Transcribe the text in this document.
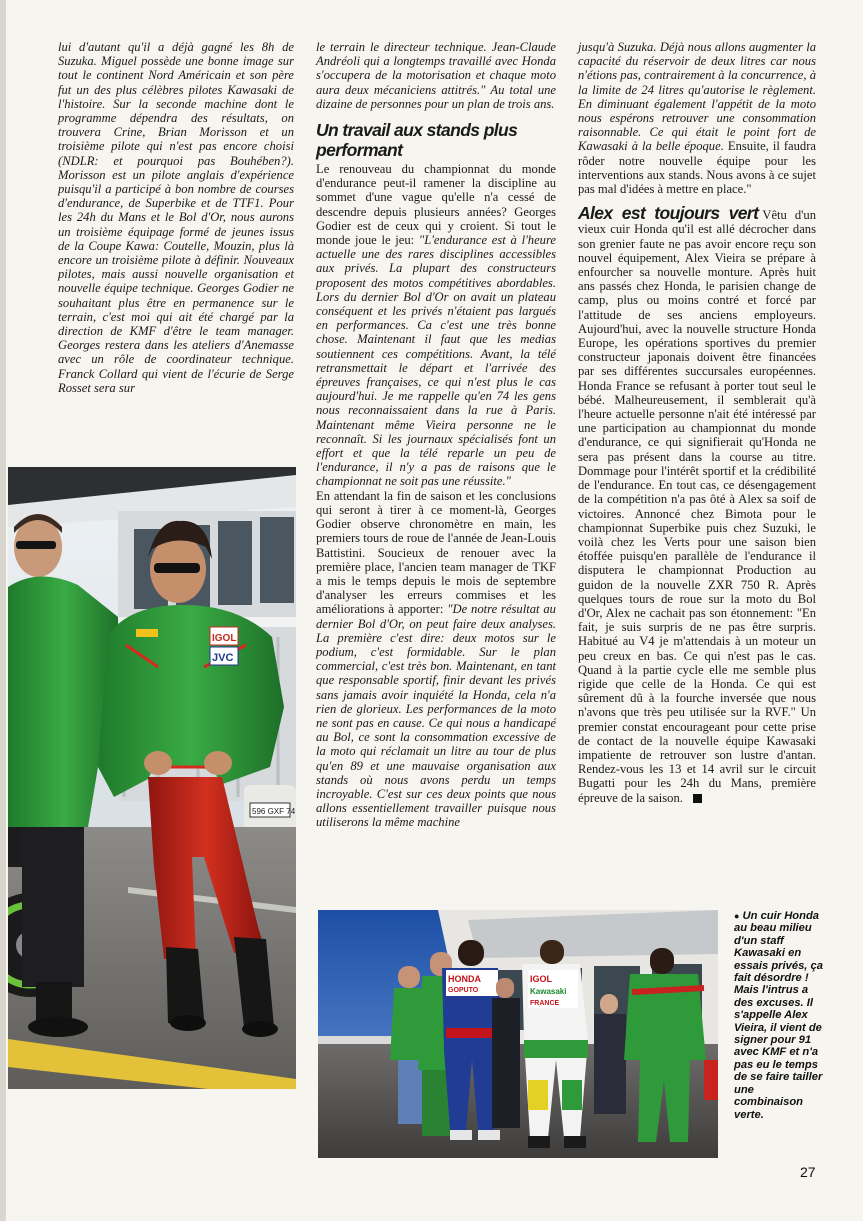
lui d'autant qu'il a déjà gagné les 8h de Suzuka. Miguel possède une bonne image sur tout le continent Nord Américain et son père fut un des plus célèbres pilotes Kawasaki de l'histoire. Sur la seconde machine dont le programme dépendra des résultats, on trouvera Crine, Brian Morisson et un troisième pilote qui n'est pas encore choisi (NDLR: et pourquoi pas Bouhében?). Morisson est un pilote anglais d'expérience puisqu'il a participé à bon nombre de courses d'endurance, de Superbike et de TTF1. Pour les 24h du Mans et le Bol d'Or, nous aurons un troisième équipage formé de jeunes issus de la Coupe Kawa: Coutelle, Mouzin, plus là encore un troisième pilote à définir. Nouveaux pilotes, mais aussi nouvelle organisation et nouvelle équipe technique. Georges Godier ne souhaitant plus être en permanence sur le terrain, c'est moi qui ait été chargé par la direction de KMF d'être le team manager. Georges restera dans les ateliers d'Anemasse avec un rôle de coordinateur technique. Franck Collard qui vient de l'écurie de Serge Rosset sera sur

le terrain le directeur technique. Jean-Claude Andréoli qui a longtemps travaillé avec Honda s'occupera de la motorisation et chaque moto aura deux mécaniciens attitrés." Au total une dizaine de personnes pour un plan de trois ans.

Un travail aux stands plus performant

Le renouveau du championnat du monde d'endurance peut-il ramener la discipline au sommet d'une vague qu'elle n'a cessé de descendre depuis plusieurs années? Georges Godier est de ceux qui y croient. Si tout le monde joue le jeu: "L'endurance est à l'heure actuelle une des rares disciplines accessibles aux privés. La plupart des constructeurs proposent des motos compétitives abordables. Lors du dernier Bol d'Or on avait un plateau conséquent et les privés n'étaient pas largués en performances. Ca c'est une très bonne chose. Maintenant il faut que les medias soutiennent ces compétitions. Avant, la télé retransmettait le départ et l'arrivée des épreuves françaises, ce qui n'est plus le cas aujourd'hui. Je me rappelle qu'en 74 les gens nous reconnaissaient dans la rue à Paris. Maintenant même Vieira personne ne le reconnaît. Si les journaux spécialisés font un effort et que la télé reparle un peu de l'endurance, il n'y a pas de raisons que le championnat ne soit pas une réussite."

En attendant la fin de saison et les conclusions qui seront à tirer à ce moment-là, Georges Godier observe chronomètre en main, les premiers tours de roue de l'année de Jean-Louis Battistini. Soucieux de renouer avec la première place, l'ancien team manager de TKF a mis le temps depuis le mois de septembre d'analyser les erreurs commises et les améliorations à apporter: "De notre résultat au dernier Bol d'Or, on peut faire deux analyses. La première c'est dire: deux motos sur le podium, c'est formidable. Sur le plan commercial, c'est très bon. Maintenant, en tant que responsable sportif, finir devant les privés sans jamais avoir inquiété la Honda, cela n'a rien de glorieux. Les performances de la moto ne sont pas en cause. Ce qui nous a handicapé au Bol, ce sont la consommation excessive de la moto qui réclamait un litre au tour de plus qu'en 89 et une mauvaise organisation aux stands où nous avons perdu un temps incroyable. C'est sur ces deux points que nous allons essentiellement travailler puisque nous utiliserons la même machine

jusqu'à Suzuka. Déjà nous allons augmenter la capacité du réservoir de deux litres car nous n'étions pas, contrairement à la concurrence, à la limite de 24 litres qu'autorise le règlement. En diminuant également l'appétit de la moto nous espérons retrouver une consommation raisonnable. Ce qui était le point fort de Kawasaki à la belle époque. Ensuite, il faudra rôder notre nouvelle équipe pour les interventions aux stands. Nous avons à ce sujet pas mal d'idées à mettre en place."

Alex est toujours vert Vêtu d'un vieux cuir Honda qu'il est allé décrocher dans son grenier faute ne pas avoir encore reçu son nouvel équipement, Alex Vieira se prépare à enfourcher sa nouvelle monture. Après huit ans passés chez Honda, le parisien change de camp, plus ou moins contré et forcé par l'attitude de ses anciens employeurs. Aujourd'hui, avec la nouvelle structure Honda Europe, les opérations sportives du premier constructeur japonais doivent être financées par ses différentes succursales européennes. Honda France se refusant à porter tout seul le bébé. Malheureusement, il semblerait qu'à l'heure actuelle personne n'ait été intéressé par une participation au championnat du monde d'endurance, ce qui signifierait qu'Honda ne sera pas présent dans la course au titre. Dommage pour l'intérêt sportif et la crédibilité de l'endurance. En tout cas, ce désengagement de la compétition n'a pas ôté à Alex sa soif de victoires. Annoncé chez Bimota pour le championnat Superbike puis chez Suzuki, le voilà chez les Verts pour une saison bien étoffée puisqu'en parallèle de l'endurance il disputera le championnat Production au guidon de la nouvelle ZXR 750 R. Après quelques tours de roue sur la moto du Bol d'Or, Alex ne cachait pas son étonnement: "En fait, je suis surpris de ne pas être surpris. Habitué au V4 je m'attendais à un moteur un peu creux en bas. Ce qui n'est pas le cas. Quand à la partie cycle elle me semble plus rigide que celle de la Honda. Ce qui est sûrement dû à la fourche inversée que nous n'avons que très peu utilisée sur la RVF." Un premier constat encourageant pour cette prise de contact de la nouvelle équipe Kawasaki impatiente de retrouver son lustre d'antan. Rendez-vous les 13 et 14 avril sur le circuit Bugatti pour les 24h du Mans, première épreuve de la saison.

596 GXF 74
IGOL
JVC
HONDA
GOPUTO
IGOL
Kawasaki
FRANCE
● Un cuir Honda au beau milieu d'un staff Kawasaki en essais privés, ça fait désordre ! Mais l'intrus a des excuses. Il s'appelle Alex Vieira, il vient de signer pour 91 avec KMF et n'a pas eu le temps de se faire tailler une combinaison verte.
27
